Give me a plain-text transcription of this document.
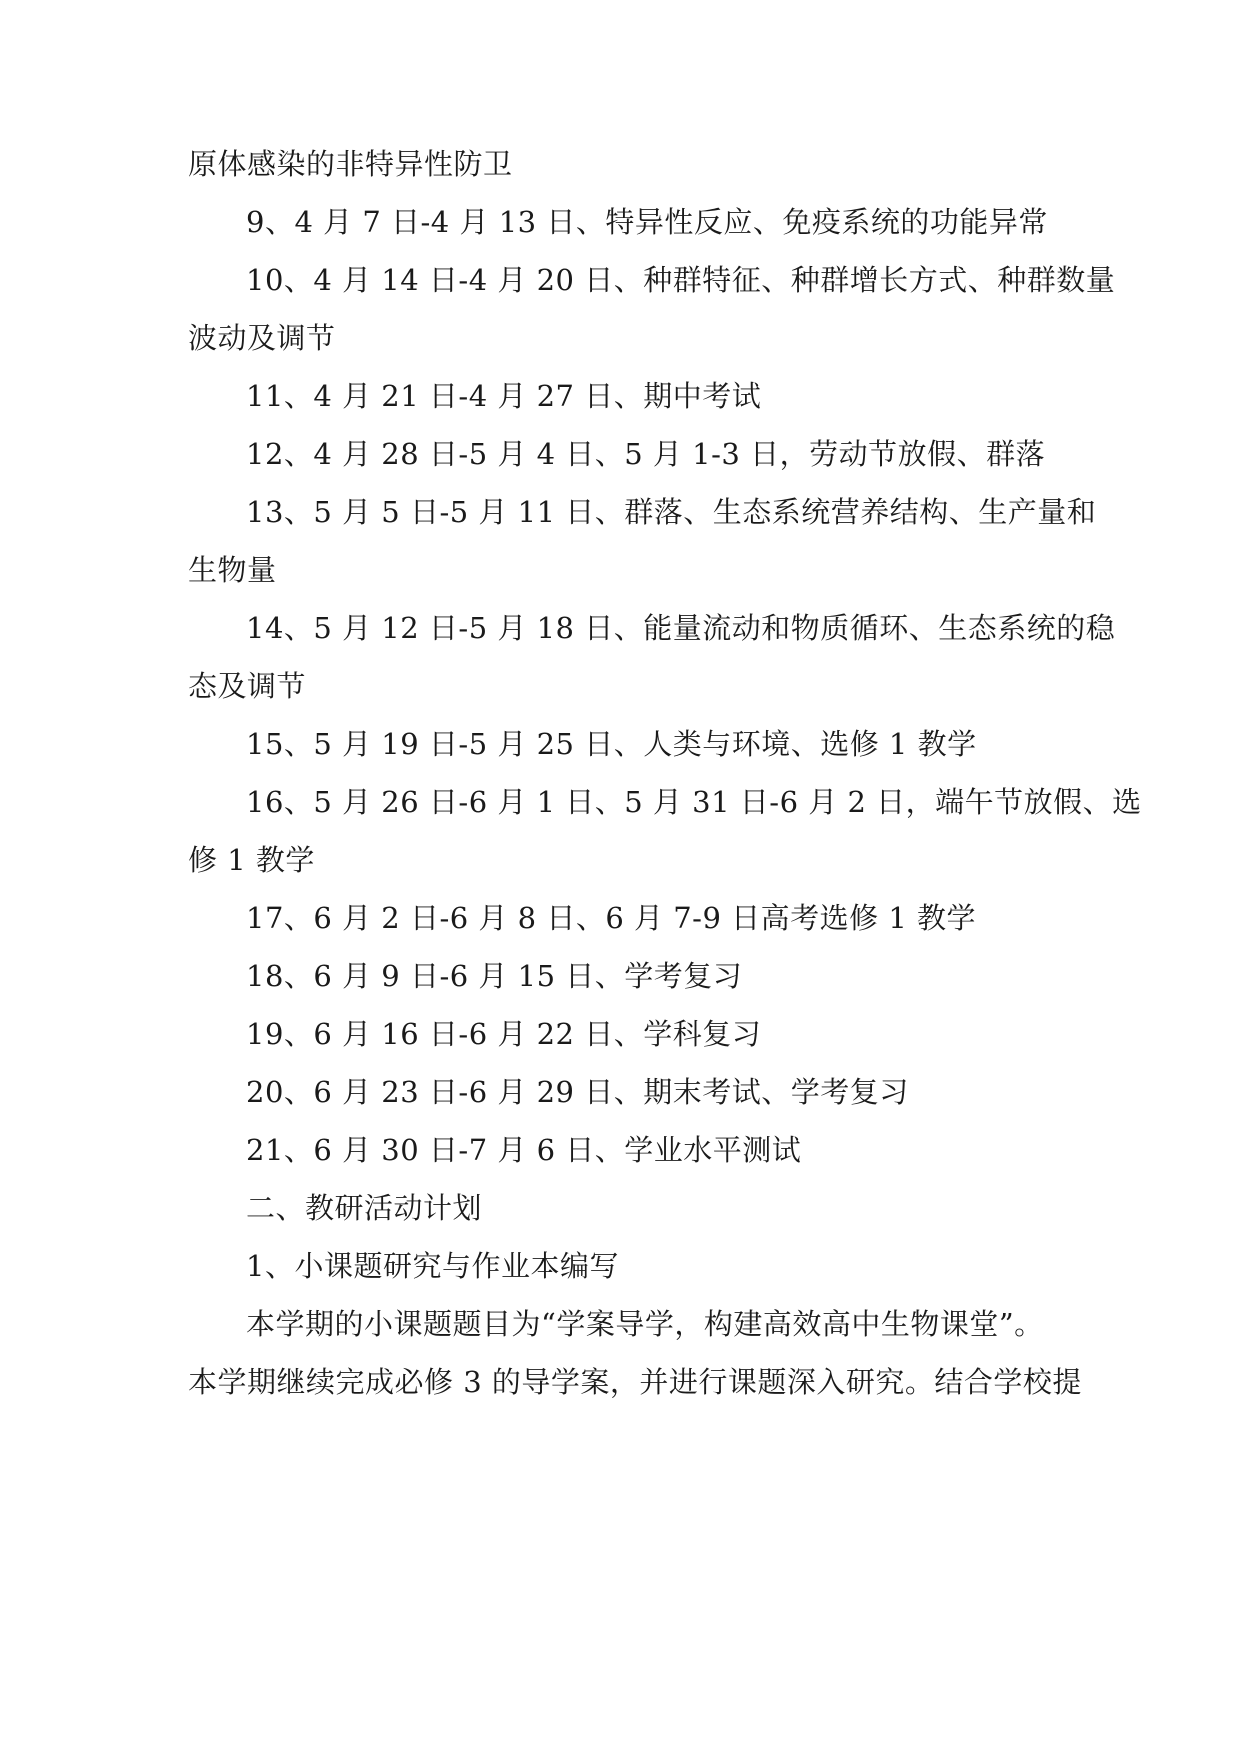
原体感染的非特异性防卫
9、4 月 7 日-4 月 13 日、特异性反应、免疫系统的功能异常
10、4 月 14 日-4 月 20 日、种群特征、种群增长方式、种群数量
波动及调节
11、4 月 21 日-4 月 27 日、期中考试
12、4 月 28 日-5 月 4 日、5 月 1-3 日，劳动节放假、群落
13、5 月 5 日-5 月 11 日、群落、生态系统营养结构、生产量和
生物量
14、5 月 12 日-5 月 18 日、能量流动和物质循环、生态系统的稳
态及调节
15、5 月 19 日-5 月 25 日、人类与环境、选修 1 教学
16、5 月 26 日-6 月 1 日、5 月 31 日-6 月 2 日，端午节放假、选
修 1 教学
17、6 月 2 日-6 月 8 日、6 月 7-9 日高考选修 1 教学
18、6 月 9 日-6 月 15 日、学考复习
19、6 月 16 日-6 月 22 日、学科复习
20、6 月 23 日-6 月 29 日、期末考试、学考复习
21、6 月 30 日-7 月 6 日、学业水平测试
二、教研活动计划
1、小课题研究与作业本编写
本学期的小课题题目为“学案导学，构建高效高中生物课堂”。
本学期继续完成必修 3 的导学案，并进行课题深入研究。结合学校提
